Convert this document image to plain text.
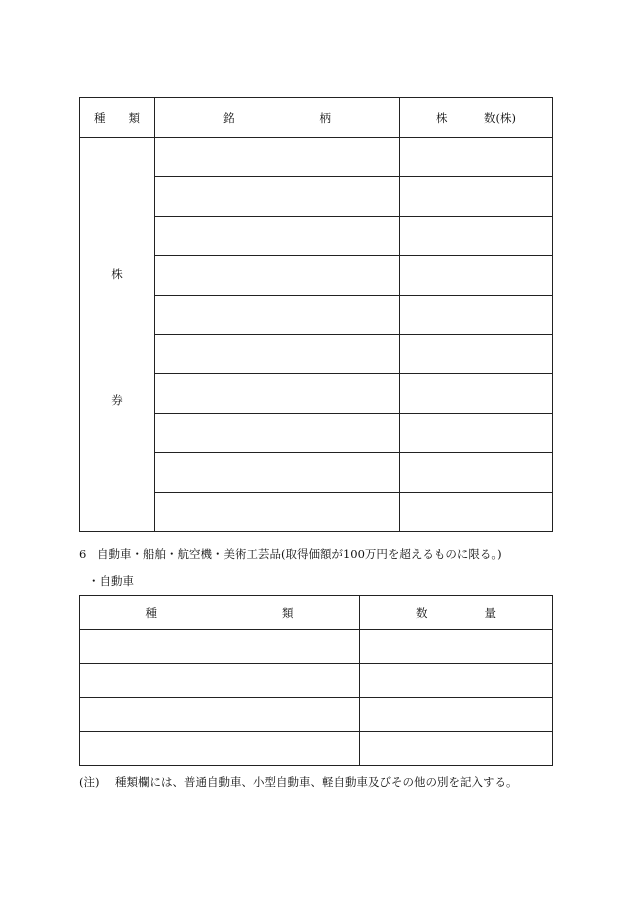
種 類	銘 柄	株 数(株)

株
券		

6 自動車・船舶・航空機・美術工芸品(取得価額が100万円を超えるものに限る。)
・自動車
種 類	数 量

(注) 種類欄には、普通自動車、小型自動車、軽自動車及びその他の別を記入する。
